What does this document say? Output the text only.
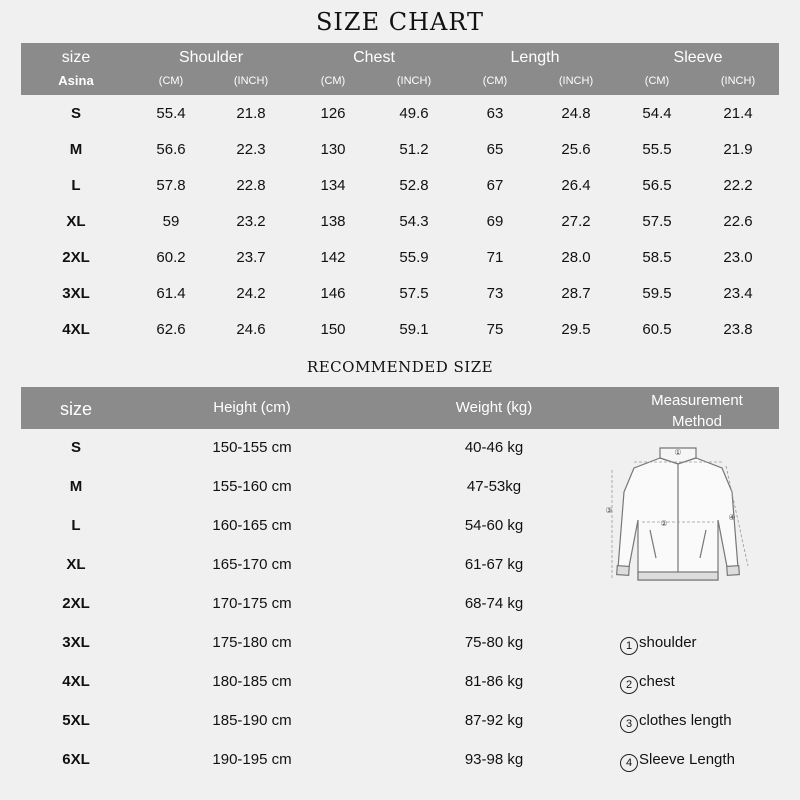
SIZE CHART
size
Asina
Shoulder	Chest	Length	Sleeve
(CM)	(INCH)	(CM)	(INCH)	(CM)	(INCH)	(CM)	(INCH)
S	55.4	21.8	126	49.6	63	24.8	54.4	21.4
M	56.6	22.3	130	51.2	65	25.6	55.5	21.9
L	57.8	22.8	134	52.8	67	26.4	56.5	22.2
XL	59	23.2	138	54.3	69	27.2	57.5	22.6
2XL	60.2	23.7	142	55.9	71	28.0	58.5	23.0
3XL	61.4	24.2	146	57.5	73	28.7	59.5	23.4
4XL	62.6	24.6	150	59.1	75	29.5	60.5	23.8
RECOMMENDED SIZE
size	Height (cm)	Weight (kg)	Measurement Method
S	150-155 cm	40-46 kg
M	155-160 cm	47-53kg
L	160-165 cm	54-60 kg
XL	165-170 cm	61-67 kg
2XL	170-175 cm	68-74 kg
3XL	175-180 cm	75-80 kg
4XL	180-185 cm	81-86 kg
5XL	185-190 cm	87-92 kg
6XL	190-195 cm	93-98 kg
①
②
③
④
1 shoulder
2 chest
3 clothes length
4 Sleeve Length
